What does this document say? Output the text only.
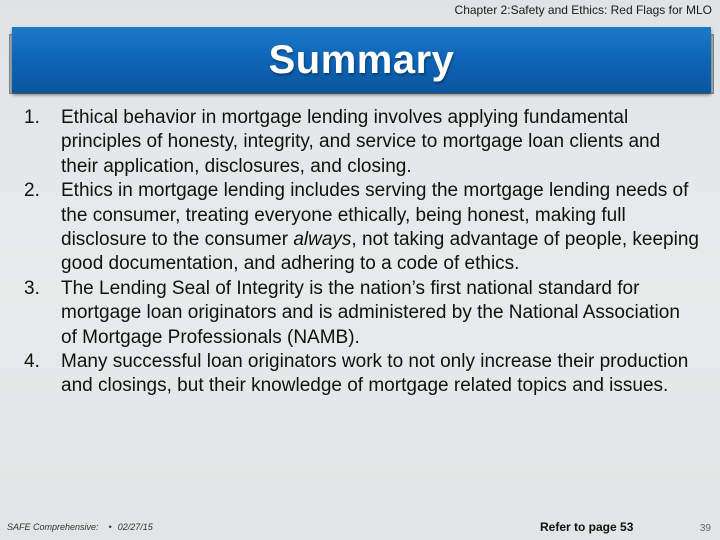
Chapter 2:Safety and Ethics: Red Flags for MLO
Summary
1. Ethical behavior in mortgage lending involves applying fundamental principles of honesty, integrity, and service to mortgage loan clients and their application, disclosures, and closing.
2. Ethics in mortgage lending includes serving the mortgage lending needs of the consumer, treating everyone ethically, being honest, making full disclosure to the consumer always, not taking advantage of people, keeping good documentation, and adhering to a code of ethics.
3. The Lending Seal of Integrity is the nation’s first national standard for mortgage loan originators and is administered by the National Association of Mortgage Professionals (NAMB).
4. Many successful loan originators work to not only increase their production and closings, but their knowledge of mortgage related topics and issues.
SAFE Comprehensive: • 02/27/15	Refer to page 53	39
